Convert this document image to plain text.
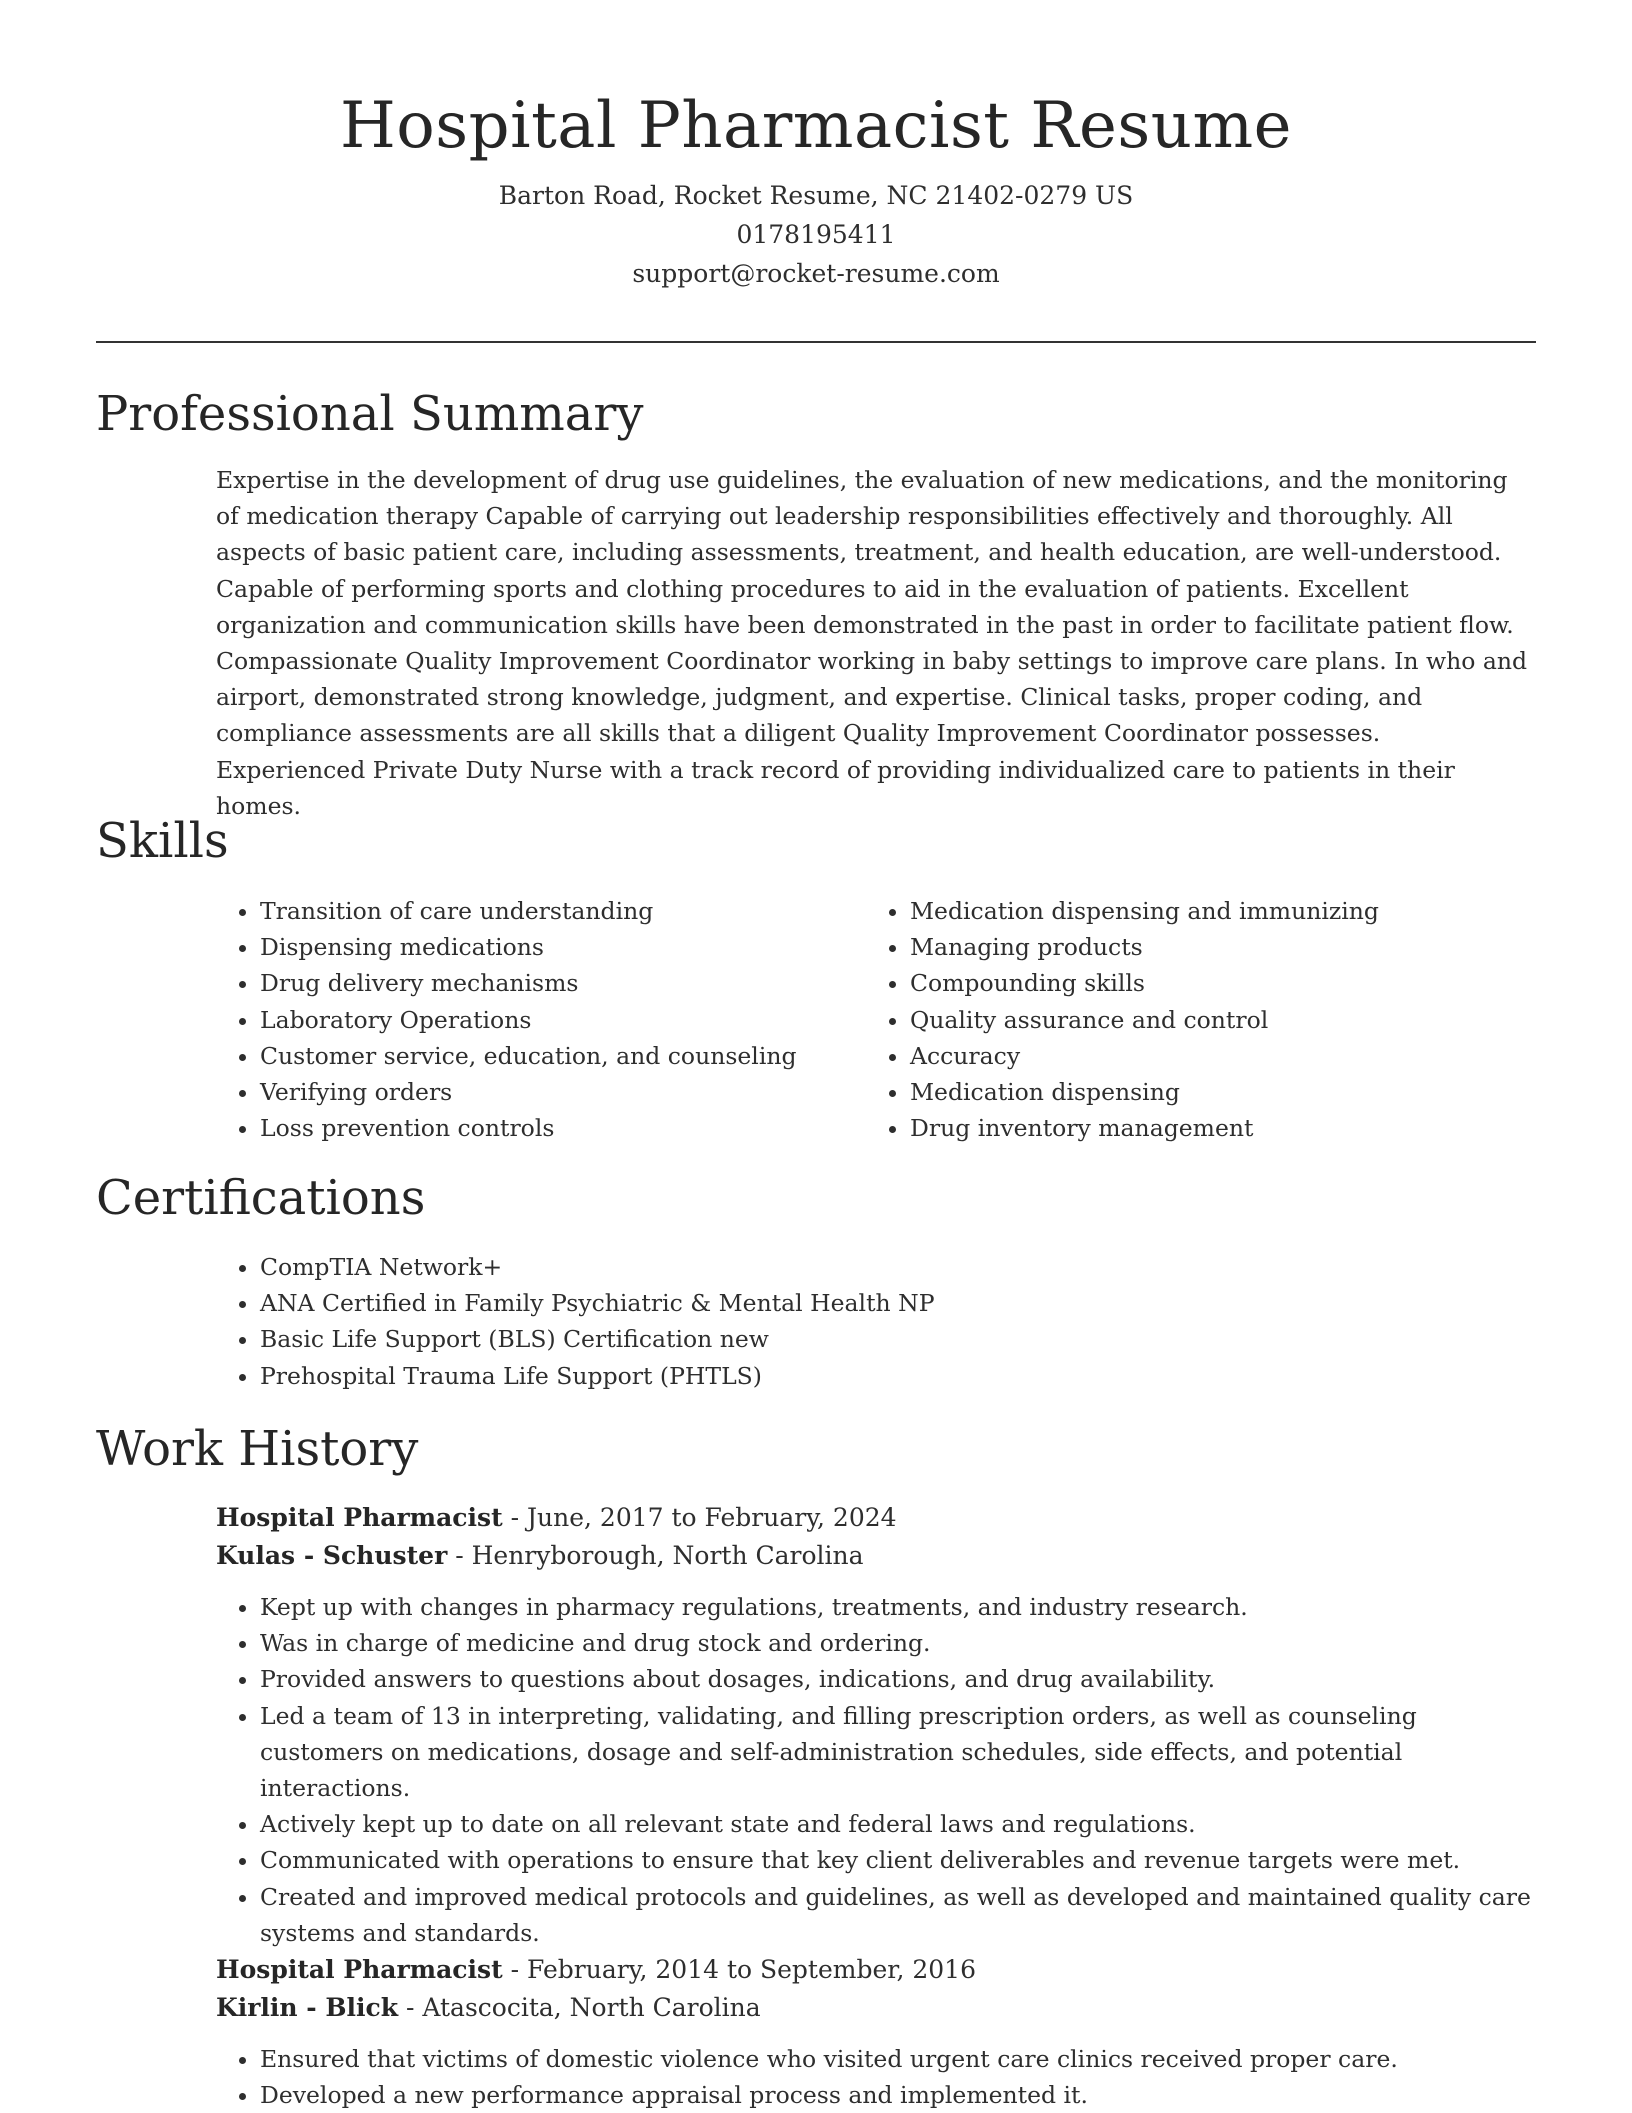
Hospital Pharmacist Resume
Barton Road, Rocket Resume, NC 21402-0279 US
0178195411
support@rocket-resume.com
Professional Summary

Expertise in the development of drug use guidelines, the evaluation of new medications, and the monitoring of medication therapy Capable of carrying out leadership responsibilities effectively and thoroughly. All aspects of basic patient care, including assessments, treatment, and health education, are well-understood. Capable of performing sports and clothing procedures to aid in the evaluation of patients. Excellent organization and communication skills have been demonstrated in the past in order to facilitate patient flow. Compassionate Quality Improvement Coordinator working in baby settings to improve care plans. In who and airport, demonstrated strong knowledge, judgment, and expertise. Clinical tasks, proper coding, and compliance assessments are all skills that a diligent Quality Improvement Coordinator possesses. Experienced Private Duty Nurse with a track record of providing individualized care to patients in their homes.

Skills
• Transition of care understanding
• Dispensing medications
• Drug delivery mechanisms
• Laboratory Operations
• Customer service, education, and counseling
• Verifying orders
• Loss prevention controls
• Medication dispensing and immunizing
• Managing products
• Compounding skills
• Quality assurance and control
• Accuracy
• Medication dispensing
• Drug inventory management
Certifications
• CompTIA Network+
• ANA Certified in Family Psychiatric & Mental Health NP
• Basic Life Support (BLS) Certification new
• Prehospital Trauma Life Support (PHTLS)
Work History
Hospital Pharmacist - June, 2017 to February, 2024
Kulas - Schuster - Henryborough, North Carolina
• Kept up with changes in pharmacy regulations, treatments, and industry research.
• Was in charge of medicine and drug stock and ordering.
• Provided answers to questions about dosages, indications, and drug availability.
• Led a team of 13 in interpreting, validating, and filling prescription orders, as well as counseling customers on medications, dosage and self-administration schedules, side effects, and potential interactions.
• Actively kept up to date on all relevant state and federal laws and regulations.
• Communicated with operations to ensure that key client deliverables and revenue targets were met.
• Created and improved medical protocols and guidelines, as well as developed and maintained quality care systems and standards.
Hospital Pharmacist - February, 2014 to September, 2016
Kirlin - Blick - Atascocita, North Carolina
• Ensured that victims of domestic violence who visited urgent care clinics received proper care.
• Developed a new performance appraisal process and implemented it.
